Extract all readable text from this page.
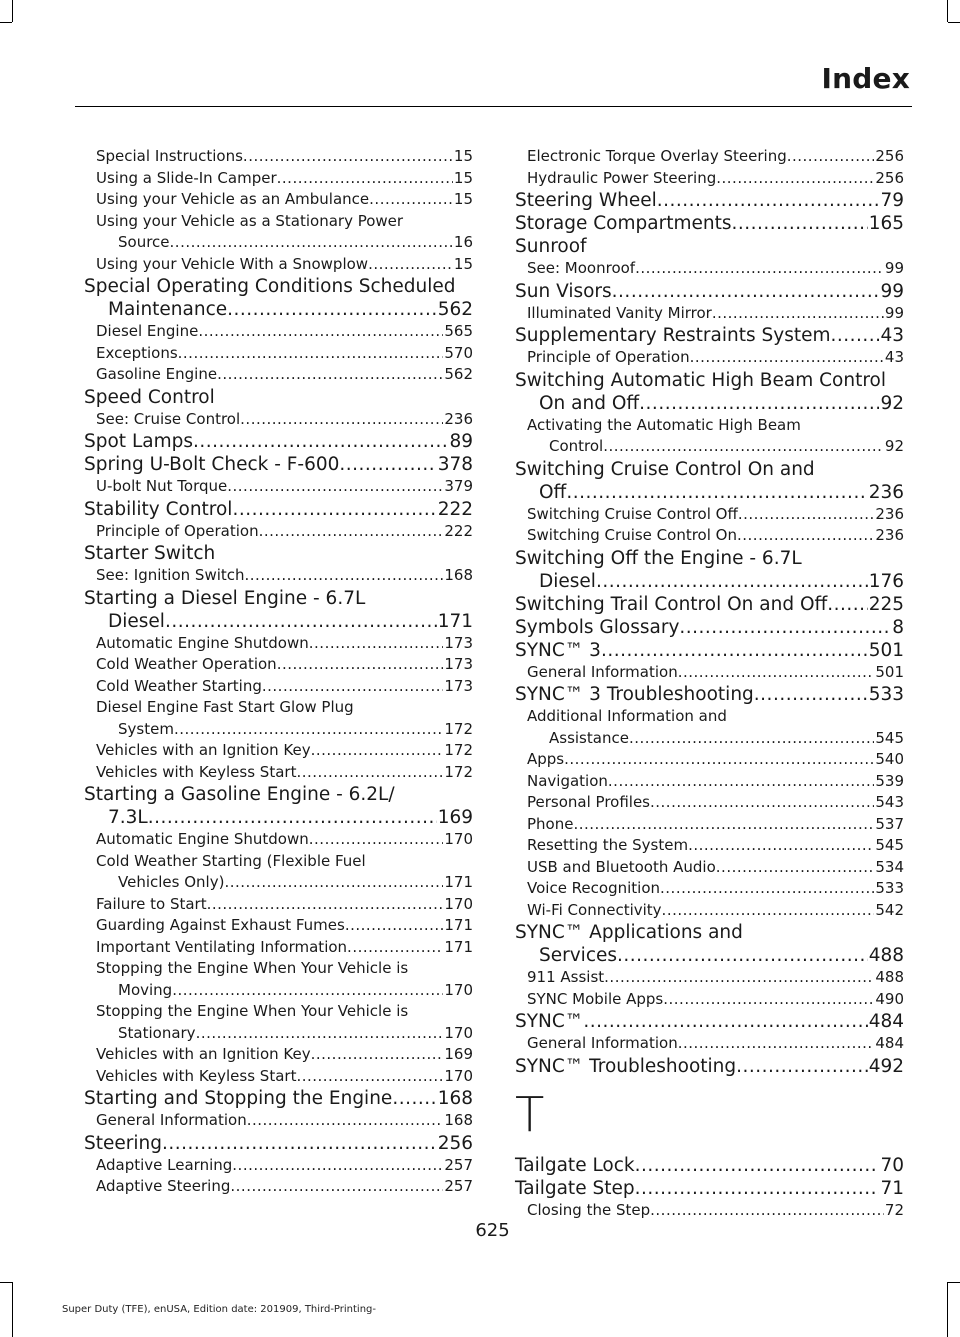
Index
Special Instructions .....	15
Using a Slide-In Camper .....	15
Using your Vehicle as an Ambulance .....	15
Using your Vehicle as a Stationary Power
Source .....	16
Using your Vehicle With a Snowplow .....	15
Special Operating Conditions Scheduled
Maintenance .....	562
Diesel Engine .....	565
Exceptions .....	570
Gasoline Engine .....	562
Speed Control
See: Cruise Control .....	236
Spot Lamps .....	89
Spring U-Bolt Check - F-600 .....	378
U-bolt Nut Torque .....	379
Stability Control .....	222
Principle of Operation .....	222
Starter Switch
See: Ignition Switch .....	168
Starting a Diesel Engine - 6.7L
Diesel .....	171
Automatic Engine Shutdown .....	173
Cold Weather Operation .....	173
Cold Weather Starting .....	173
Diesel Engine Fast Start Glow Plug
System .....	172
Vehicles with an Ignition Key .....	172
Vehicles with Keyless Start .....	172
Starting a Gasoline Engine - 6.2L/
7.3L .....	169
Automatic Engine Shutdown .....	170
Cold Weather Starting (Flexible Fuel
Vehicles Only) .....	171
Failure to Start .....	170
Guarding Against Exhaust Fumes .....	171
Important Ventilating Information .....	171
Stopping the Engine When Your Vehicle is
Moving .....	170
Stopping the Engine When Your Vehicle is
Stationary .....	170
Vehicles with an Ignition Key .....	169
Vehicles with Keyless Start .....	170
Starting and Stopping the Engine ..... 168
General Information .....	168
Steering .....	256
Adaptive Learning .....	257
Adaptive Steering .....	257
Electronic Torque Overlay Steering .....	256
Hydraulic Power Steering .....	256
Steering Wheel .....	79
Storage Compartments .....	165
Sunroof
See: Moonroof .....	99
Sun Visors .....	99
Illuminated Vanity Mirror .....	99
Supplementary Restraints System .....	43
Principle of Operation .....	43
Switching Automatic High Beam Control
On and Off .....	92
Activating the Automatic High Beam
Control .....	92
Switching Cruise Control On and
Off .....	236
Switching Cruise Control Off .....	236
Switching Cruise Control On .....	236
Switching Off the Engine - 6.7L
Diesel .....	176
Switching Trail Control On and Off ..... 225
Symbols Glossary .....	8
SYNC™ 3 .....	501
General Information .....	501
SYNC™ 3 Troubleshooting .....	533
Additional Information and
Assistance .....	545
Apps .....	540
Navigation .....	539
Personal Profiles .....	543
Phone .....	537
Resetting the System .....	545
USB and Bluetooth Audio .....	534
Voice Recognition .....	533
Wi-Fi Connectivity .....	542
SYNC™ Applications and
Services .....	488
911 Assist .....	488
SYNC Mobile Apps .....	490
SYNC™ .....	484
General Information .....	484
SYNC™ Troubleshooting .....	492
T
Tailgate Lock .....	70
Tailgate Step .....	71
Closing the Step .....	72
625
Super Duty (TFE), enUSA, Edition date: 201909, Third-Printing-
